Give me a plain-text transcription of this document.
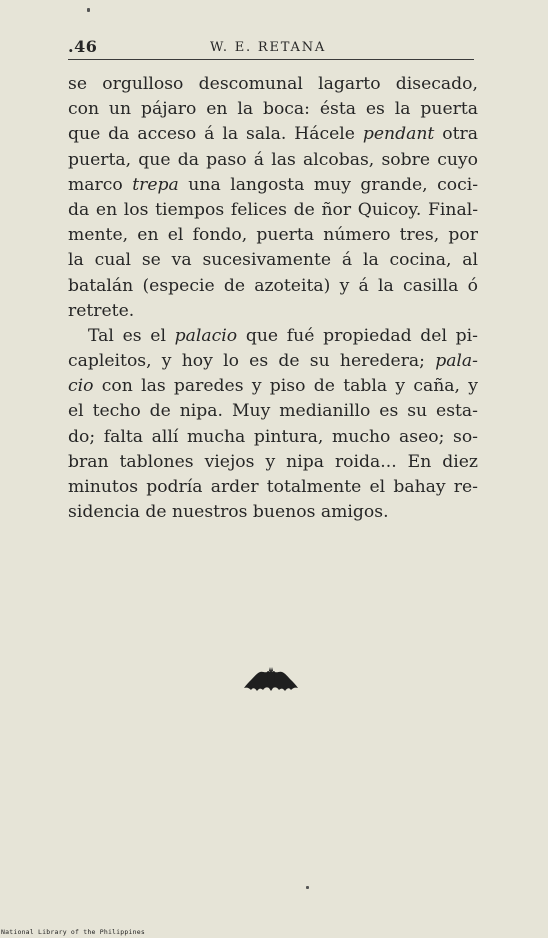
.46	W. E. RETANA
se orgulloso descomunal lagarto disecado,
con un pájaro en la boca: ésta es la puerta
que da acceso á la sala. Hácele pendant otra
puerta, que da paso á las alcobas, sobre cuyo
marco trepa una langosta muy grande, coci-
da en los tiempos felices de ñor Quicoy. Final-
mente, en el fondo, puerta número tres, por
la cual se va sucesivamente á la cocina, al
batalán (especie de azoteita) y á la casilla ó
retrete.
Tal es el palacio que fué propiedad del pi-
capleitos, y hoy lo es de su heredera; pala-
cio con las paredes y piso de tabla y caña, y
el techo de nipa. Muy medianillo es su esta-
do; falta allí mucha pintura, mucho aseo; so-
bran tablones viejos y nipa roida... En diez
minutos podría arder totalmente el bahay re-
sidencia de nuestros buenos amigos.
National Library of the Philippines
